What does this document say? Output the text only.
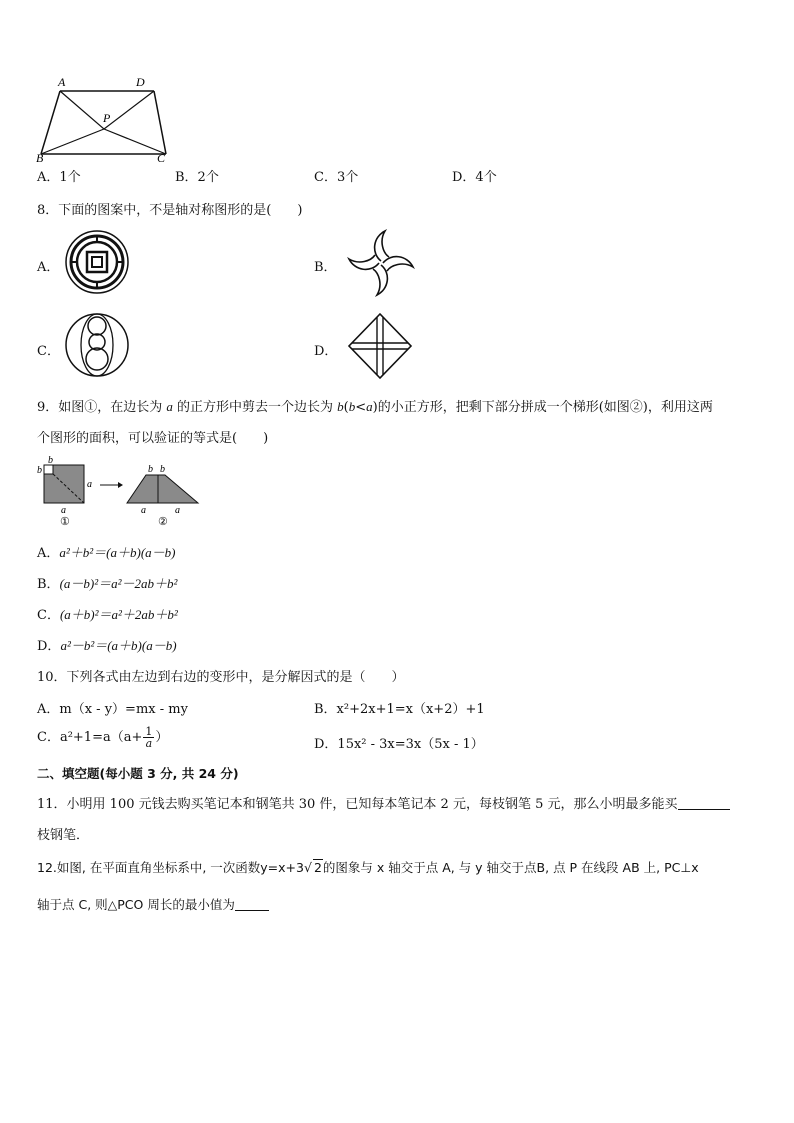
A	D
P
B	C
A．1个	B．2个	C．3个	D．4个
8．下面的图案中，不是轴对称图形的是(　　)
A．	B．
C．	D．
9．如图①，在边长为 a 的正方形中剪去一个边长为 b(b<a)的小正方形，把剩下部分拼成一个梯形(如图②)，利用这两
个图形的面积，可以验证的等式是(　　)
b
b
a
a
①
b b
a	a
②
A．a²＋b²＝(a＋b)(a－b)
B．(a－b)²＝a²－2ab＋b²
C．(a＋b)²＝a²＋2ab＋b²
D．a²－b²＝(a＋b)(a－b)
10．下列各式由左边到右边的变形中，是分解因式的是（　　）
A．m（x - y）=mx - my	B．x²+2x+1=x（x+2）+1
C．$a^2+1=a(a+ \frac{1}{a}$ ）	D．15x² - 3x=3x（5x - 1）
二、填空题(每小题 3 分, 共 24 分)
11．小明用 100 元钱去购买笔记本和钢笔共 30 件，已知每本笔记本 2 元，每枝钢笔 5 元，那么小明最多能买
枝钢笔．
12.如图, 在平面直角坐标系中, 一次函数y=x+3√ 2的图象与 x 轴交于点 A, 与 y 轴交于点B, 点 P 在线段 AB 上, PC⊥x
轴于点 C, 则△PCO 周长的最小值为
